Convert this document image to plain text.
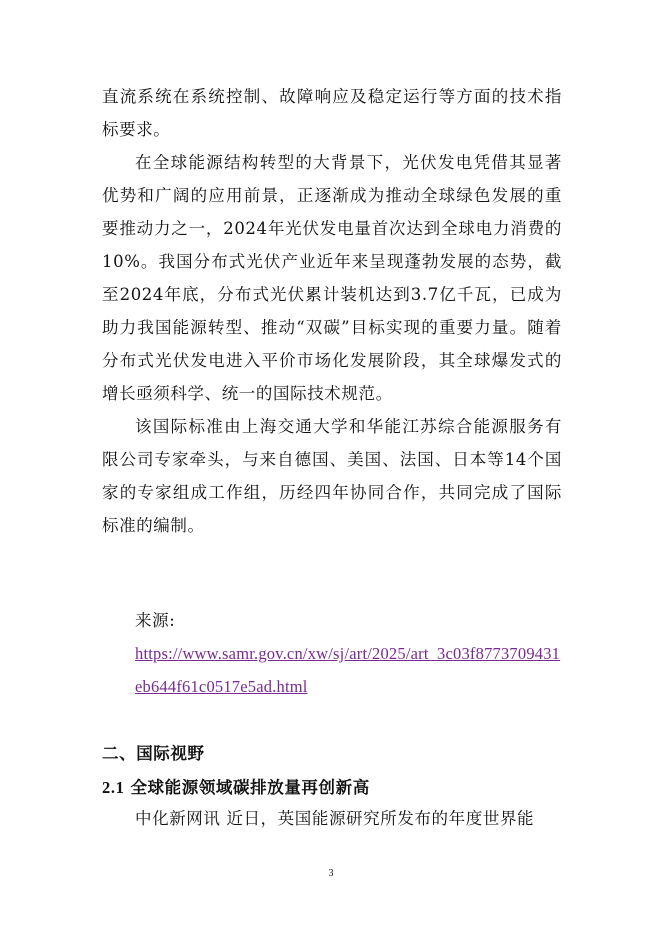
直流系统在系统控制、故障响应及稳定运行等方面的技术指标要求。

在全球能源结构转型的大背景下，光伏发电凭借其显著优势和广阔的应用前景，正逐渐成为推动全球绿色发展的重要推动力之一，2024年光伏发电量首次达到全球电力消费的10%。我国分布式光伏产业近年来呈现蓬勃发展的态势，截至2024年底，分布式光伏累计装机达到3.7亿千瓦，已成为助力我国能源转型、推动“双碳”目标实现的重要力量。随着分布式光伏发电进入平价市场化发展阶段，其全球爆发式的增长亟须科学、统一的国际技术规范。

该国际标准由上海交通大学和华能江苏综合能源服务有限公司专家牵头，与来自德国、美国、法国、日本等14个国家的专家组成工作组，历经四年协同合作，共同完成了国际标准的编制。

来源:
https://www.samr.gov.cn/xw/sj/art/2025/art_3c03f8773709431eb644f61c0517e5ad.html
二、国际视野
2.1 全球能源领域碳排放量再创新高

中化新网讯 近日，英国能源研究所发布的年度世界能

3
